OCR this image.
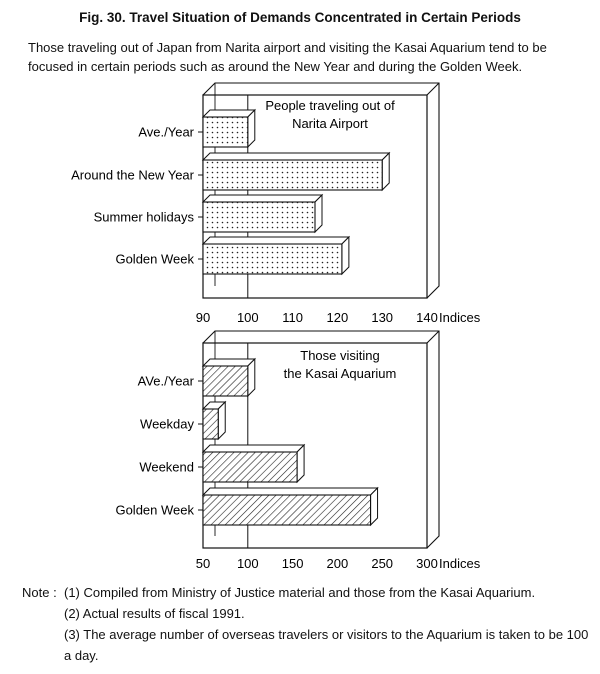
Fig. 30. Travel Situation of Demands Concentrated in Certain Periods
Those traveling out of Japan from Narita airport and visiting the Kasai Aquarium tend to be focused in certain periods such as around the New Year and during the Golden Week.
People traveling out of
Narita Airport
Ave./Year
Around the New Year
Summer holidays
Golden Week
90 100 110 120 130 140 Indices
Those visiting
the Kasai Aquarium
AVe./Year
Weekday
Weekend
Golden Week
50 100 150 200 250 300 Indices
Note : (1) Compiled from Ministry of Justice material and those from the Kasai Aquarium.
(2) Actual results of fiscal 1991.
(3) The average number of overseas travelers or visitors to the Aquarium is taken to be 100 a day.
